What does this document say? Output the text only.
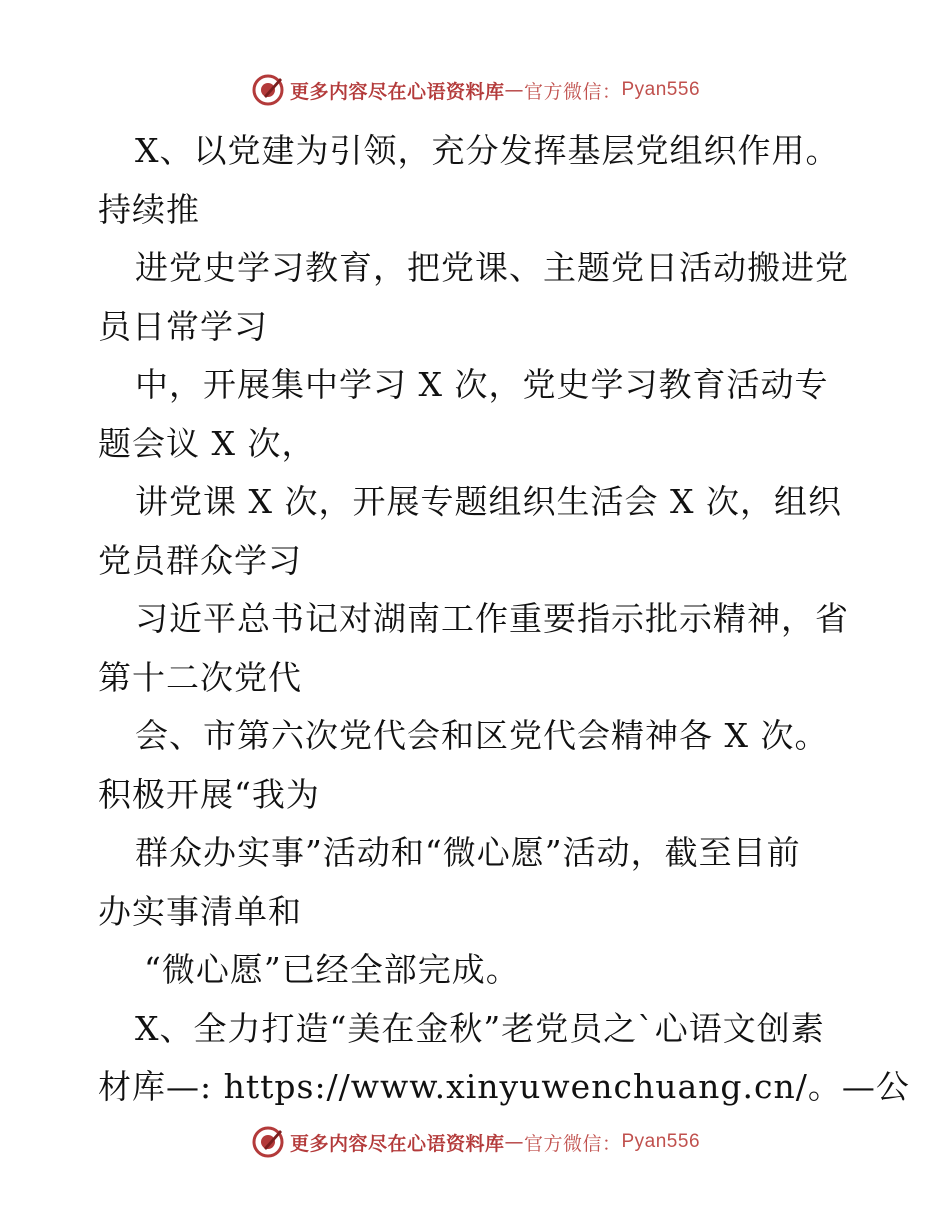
更多内容尽在心语资料库 — 官方微信： Pyan556
X、以党建为引领，充分发挥基层党组织作用。
持续推
进党史学习教育，把党课、主题党日活动搬进党
员日常学习
中，开展集中学习 X 次，党史学习教育活动专
题会议 X 次，
讲党课 X 次，开展专题组织生活会 X 次，组织
党员群众学习
习近平总书记对湖南工作重要指示批示精神，省
第十二次党代
会、市第六次党代会和区党代会精神各 X 次。
积极开展“我为
群众办实事”活动和“微心愿”活动，截至目前
办实事清单和
“微心愿”已经全部完成。
X、全力打造“美在金秋”老党员之`心语文创素
材库—: https://www.xinyuwenchuang.cn/。—公
更多内容尽在心语资料库 — 官方微信： Pyan556
